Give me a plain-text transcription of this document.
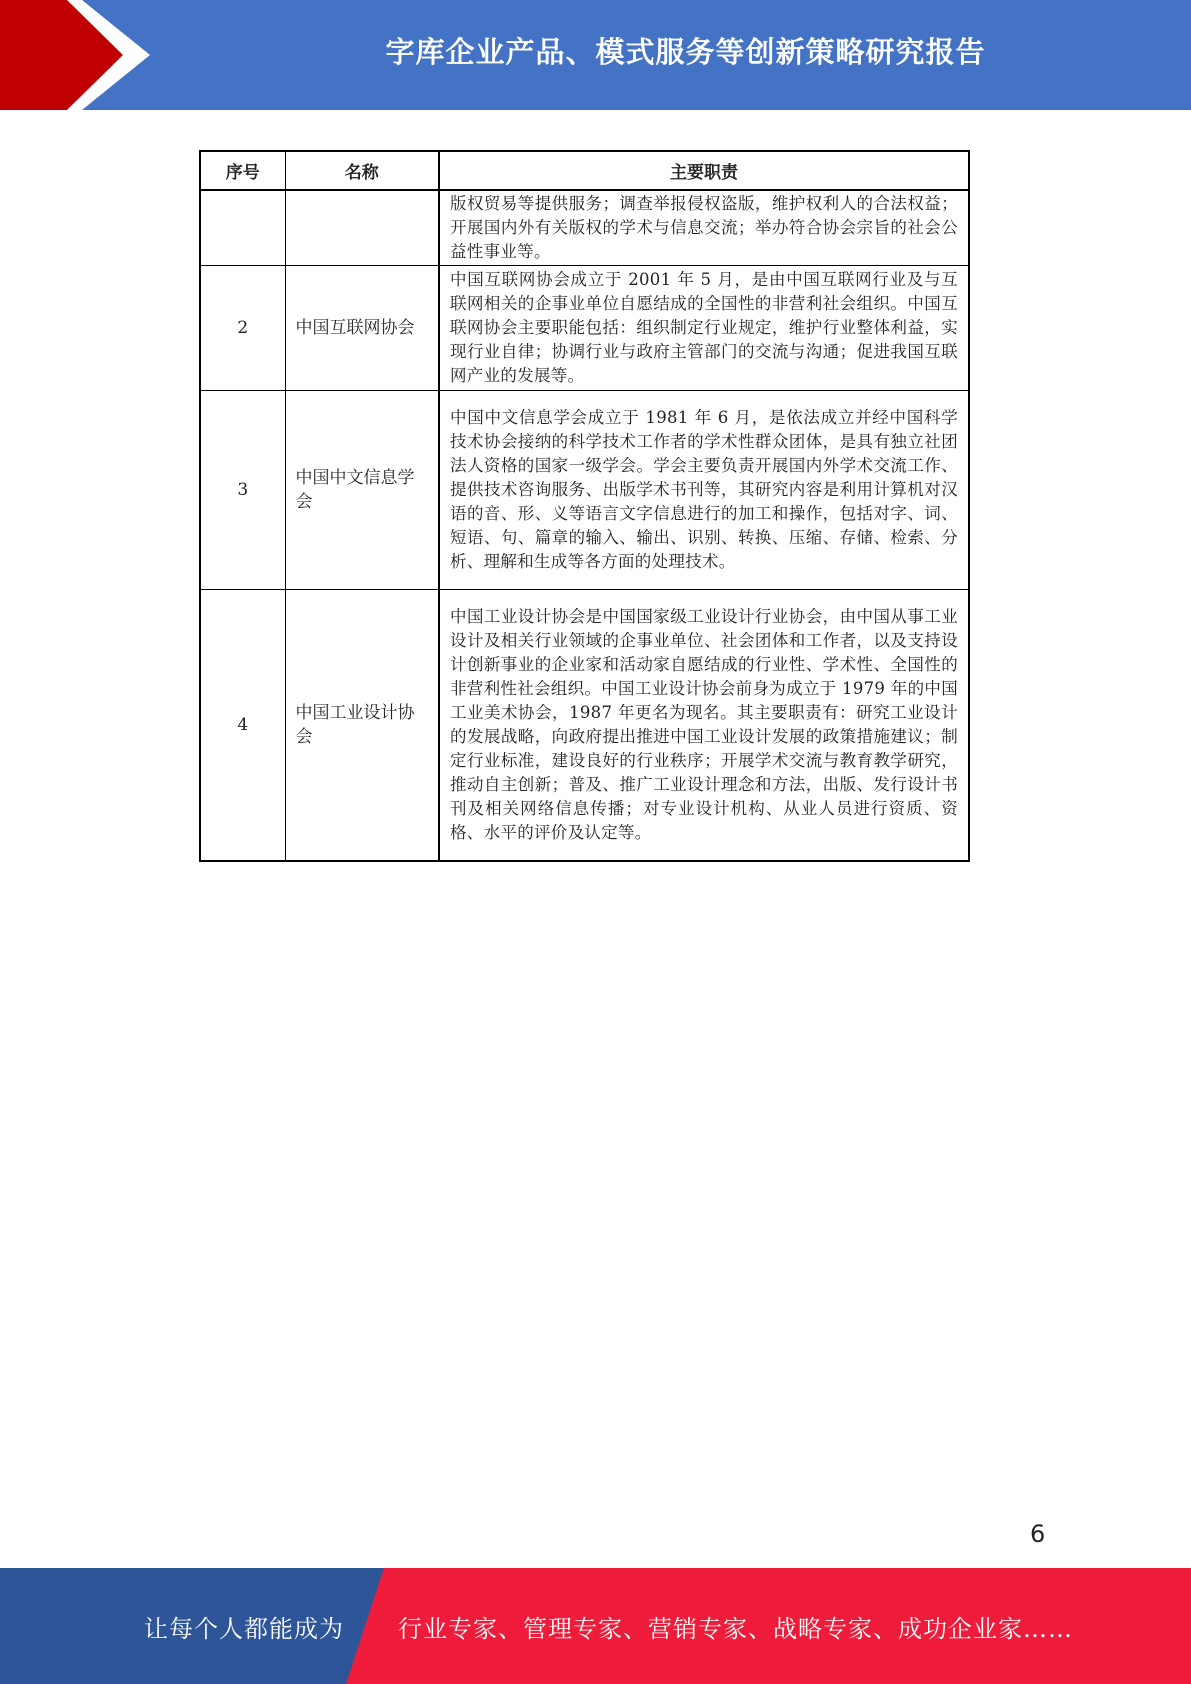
字库企业产品、模式服务等创新策略研究报告
序号	名称	主要职责
		版权贸易等提供服务；调查举报侵权盗版，维护权利人的合法权益；开展国内外有关版权的学术与信息交流；举办符合协会宗旨的社会公益性事业等。
2	中国互联网协会	中国互联网协会成立于 2001 年 5 月，是由中国互联网行业及与互联网相关的企事业单位自愿结成的全国性的非营利社会组织。中国互联网协会主要职能包括：组织制定行业规定，维护行业整体利益，实现行业自律；协调行业与政府主管部门的交流与沟通；促进我国互联网产业的发展等。
3	中国中文信息学会	中国中文信息学会成立于 1981 年 6 月，是依法成立并经中国科学技术协会接纳的科学技术工作者的学术性群众团体，是具有独立社团法人资格的国家一级学会。学会主要负责开展国内外学术交流工作、提供技术咨询服务、出版学术书刊等，其研究内容是利用计算机对汉语的音、形、义等语言文字信息进行的加工和操作，包括对字、词、短语、句、篇章的输入、输出、识别、转换、压缩、存储、检索、分析、理解和生成等各方面的处理技术。
4	中国工业设计协会	中国工业设计协会是中国国家级工业设计行业协会，由中国从事工业设计及相关行业领域的企事业单位、社会团体和工作者，以及支持设计创新事业的企业家和活动家自愿结成的行业性、学术性、全国性的非营利性社会组织。中国工业设计协会前身为成立于 1979 年的中国工业美术协会，1987 年更名为现名。其主要职责有：研究工业设计的发展战略，向政府提出推进中国工业设计发展的政策措施建议；制定行业标准，建设良好的行业秩序；开展学术交流与教育教学研究，推动自主创新；普及、推广工业设计理念和方法，出版、发行设计书刊及相关网络信息传播；对专业设计机构、从业人员进行资质、资格、水平的评价及认定等。
6
让每个人都能成为 行业专家、管理专家、营销专家、战略专家、成功企业家……
